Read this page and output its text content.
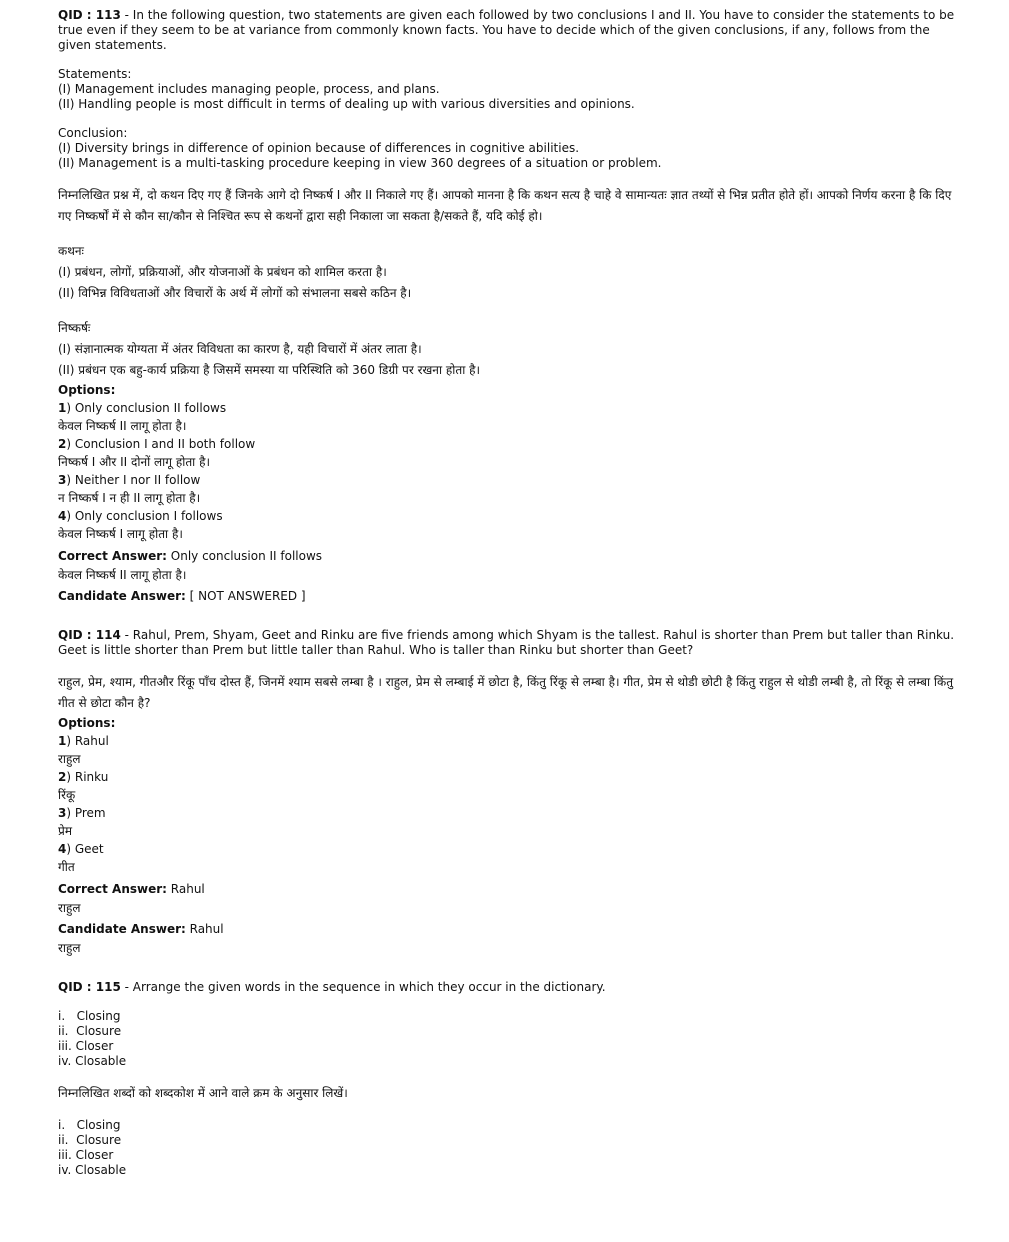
QID : 113 - In the following question, two statements are given each followed by two conclusions I and II. You have to consider the statements to be true even if they seem to be at variance from commonly known facts. You have to decide which of the given conclusions, if any, follows from the given statements.

Statements:

(I) Management includes managing people, process, and plans.

(II) Handling people is most difficult in terms of dealing up with various diversities and opinions.

Conclusion:

(I) Diversity brings in difference of opinion because of differences in cognitive abilities.

(II) Management is a multi-tasking procedure keeping in view 360 degrees of a situation or problem.

निम्नलिखित प्रश्न में, दो कथन दिए गए हैं जिनके आगे दो निष्कर्ष I और II निकाले गए हैं। आपको मानना है कि कथन सत्य है चाहे वे सामान्यतः ज्ञात तथ्यों से भिन्न प्रतीत होते हों। आपको निर्णय करना है कि दिए गए निष्कर्षों में से कौन सा/कौन से निश्चित रूप से कथनों द्वारा सही निकाला जा सकता है/सकते हैं, यदि कोई हो।

कथनः

(I) प्रबंधन, लोगों, प्रक्रियाओं, और योजनाओं के प्रबंधन को शामिल करता है।

(II) विभिन्न विविधताओं और विचारों के अर्थ में लोगों को संभालना सबसे कठिन है।

निष्कर्षः

(I) संज्ञानात्मक योग्यता में अंतर विविधता का कारण है, यही विचारों में अंतर लाता है।

(II) प्रबंधन एक बहु-कार्य प्रक्रिया है जिसमें समस्या या परिस्थिति को 360 डिग्री पर रखना होता है।

Options:

1) Only conclusion II follows

केवल निष्कर्ष II लागू होता है।

2) Conclusion I and II both follow

निष्कर्ष I और II दोनों लागू होता है।

3) Neither I nor II follow

न निष्कर्ष I न ही II लागू होता है।

4) Only conclusion I follows

केवल निष्कर्ष I लागू होता है।

Correct Answer: Only conclusion II follows

केवल निष्कर्ष II लागू होता है।

Candidate Answer: [ NOT ANSWERED ]

QID : 114 - Rahul, Prem, Shyam, Geet and Rinku are five friends among which Shyam is the tallest. Rahul is shorter than Prem but taller than Rinku. Geet is little shorter than Prem but little taller than Rahul. Who is taller than Rinku but shorter than Geet?

राहुल, प्रेम, श्याम, गीतऔर रिंकू पाँच दोस्त हैं, जिनमें श्याम सबसे लम्बा है । राहुल, प्रेम से लम्बाई में छोटा है, किंतु रिंकू से लम्बा है। गीत, प्रेम से थोडी छोटी है किंतु राहुल से थोडी लम्बी है, तो रिंकू से लम्बा किंतु गीत से छोटा कौन है?

Options:

1) Rahul

राहुल

2) Rinku

रिंकू

3) Prem

प्रेम

4) Geet

गीत

Correct Answer: Rahul

राहुल

Candidate Answer: Rahul

राहुल

QID : 115 - Arrange the given words in the sequence in which they occur in the dictionary.

i.   Closing

ii.  Closure

iii. Closer

iv. Closable

निम्नलिखित शब्दों को शब्दकोश में आने वाले क्रम के अनुसार लिखें।

i.   Closing

ii.  Closure

iii. Closer

iv. Closable
